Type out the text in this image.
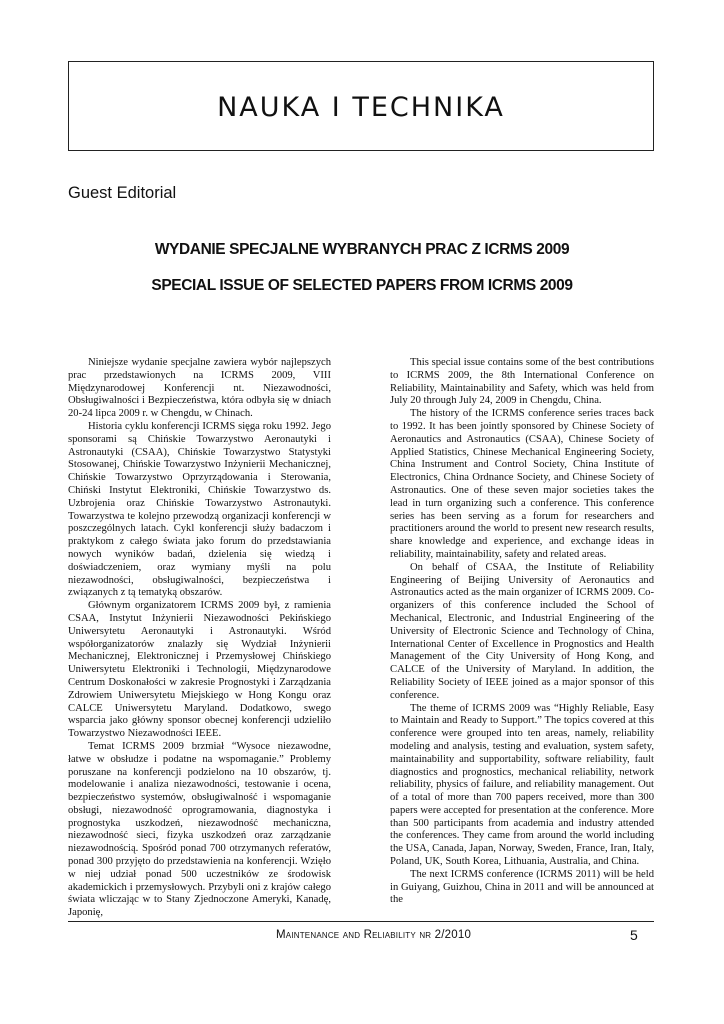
NAUKA I TECHNIKA
Guest Editorial
WYDANIE SPECJALNE WYBRANYCH PRAC Z ICRMS 2009
SPECIAL ISSUE OF SELECTED PAPERS FROM ICRMS 2009

Niniejsze wydanie specjalne zawiera wybór najlepszych prac przedstawionych na ICRMS 2009, VIII Międzynarodowej Konferencji nt. Niezawodności, Obsługiwalności i Bezpieczeństwa, która odbyła się w dniach 20-24 lipca 2009 r. w Chengdu, w Chinach.

Historia cyklu konferencji ICRMS sięga roku 1992. Jego sponsorami są Chińskie Towarzystwo Aeronautyki i Astronautyki (CSAA), Chińskie Towarzystwo Statystyki Stosowanej, Chińskie Towarzystwo Inżynierii Mechanicznej, Chińskie Towarzystwo Oprzyrządowania i Sterowania, Chiński Instytut Elektroniki, Chińskie Towarzystwo ds. Uzbrojenia oraz Chińskie Towarzystwo Astronautyki. Towarzystwa te kolejno przewodzą organizacji konferencji w poszczególnych latach. Cykl konferencji służy badaczom i praktykom z całego świata jako forum do przedstawiania nowych wyników badań, dzielenia się wiedzą i doświadczeniem, oraz wymiany myśli na polu niezawodności, obsługiwalności, bezpieczeństwa i związanych z tą tematyką obszarów.

Głównym organizatorem ICRMS 2009 był, z ramienia CSAA, Instytut Inżynierii Niezawodności Pekińskiego Uniwersytetu Aeronautyki i Astronautyki. Wśród współorganizatorów znalazły się Wydział Inżynierii Mechanicznej, Elektronicznej i Przemysłowej Chińskiego Uniwersytetu Elektroniki i Technologii, Międzynarodowe Centrum Doskonałości w zakresie Prognostyki i Zarządzania Zdrowiem Uniwersytetu Miejskiego w Hong Kongu oraz CALCE Uniwersytetu Maryland. Dodatkowo, swego wsparcia jako główny sponsor obecnej konferencji udzieliło Towarzystwo Niezawodności IEEE.

Temat ICRMS 2009 brzmiał “Wysoce niezawodne, łatwe w obsłudze i podatne na wspomaganie.” Problemy poruszane na konferencji podzielono na 10 obszarów, tj. modelowanie i analiza niezawodności, testowanie i ocena, bezpieczeństwo systemów, obsługiwalność i wspomaganie obsługi, niezawodność oprogramowania, diagnostyka i prognostyka uszkodzeń, niezawodność mechaniczna, niezawodność sieci, fizyka uszkodzeń oraz zarządzanie niezawodnością. Spośród ponad 700 otrzymanych referatów, ponad 300 przyjęto do przedstawienia na konferencji. Wzięło w niej udział ponad 500 uczestników ze środowisk akademickich i przemysłowych. Przybyli oni z krajów całego świata wliczając w to Stany Zjednoczone Ameryki, Kanadę, Japonię,

This special issue contains some of the best contributions to ICRMS 2009, the 8th International Conference on Reliability, Maintainability and Safety, which was held from July 20 through July 24, 2009 in Chengdu, China.

The history of the ICRMS conference series traces back to 1992. It has been jointly sponsored by Chinese Society of Aeronautics and Astronautics (CSAA), Chinese Society of Applied Statistics, Chinese Mechanical Engineering Society, China Instrument and Control Society, China Institute of Electronics, China Ordnance Society, and Chinese Society of Astronautics. One of these seven major societies takes the lead in turn organizing such a conference. This conference series has been serving as a forum for researchers and practitioners around the world to present new research results, share knowledge and experience, and exchange ideas in reliability, maintainability, safety and related areas.

On behalf of CSAA, the Institute of Reliability Engineering of Beijing University of Aeronautics and Astronautics acted as the main organizer of ICRMS 2009. Co-organizers of this conference included the School of Mechanical, Electronic, and Industrial Engineering of the University of Electronic Science and Technology of China, International Center of Excellence in Prognostics and Health Management of the City University of Hong Kong, and CALCE of the University of Maryland. In addition, the Reliability Society of IEEE joined as a major sponsor of this conference.

The theme of ICRMS 2009 was “Highly Reliable, Easy to Maintain and Ready to Support.” The topics covered at this conference were grouped into ten areas, namely, reliability modeling and analysis, testing and evaluation, system safety, maintainability and supportability, software reliability, fault diagnostics and prognostics, mechanical reliability, network reliability, physics of failure, and reliability management. Out of a total of more than 700 papers received, more than 300 papers were accepted for presentation at the conference. More than 500 participants from academia and industry attended the conferences. They came from around the world including the USA, Canada, Japan, Norway, Sweden, France, Iran, Italy, Poland, UK, South Korea, Lithuania, Australia, and China.

The next ICRMS conference (ICRMS 2011) will be held in Guiyang, Guizhou, China in 2011 and will be announced at the

Maintenance and Reliability nr 2/2010	5
